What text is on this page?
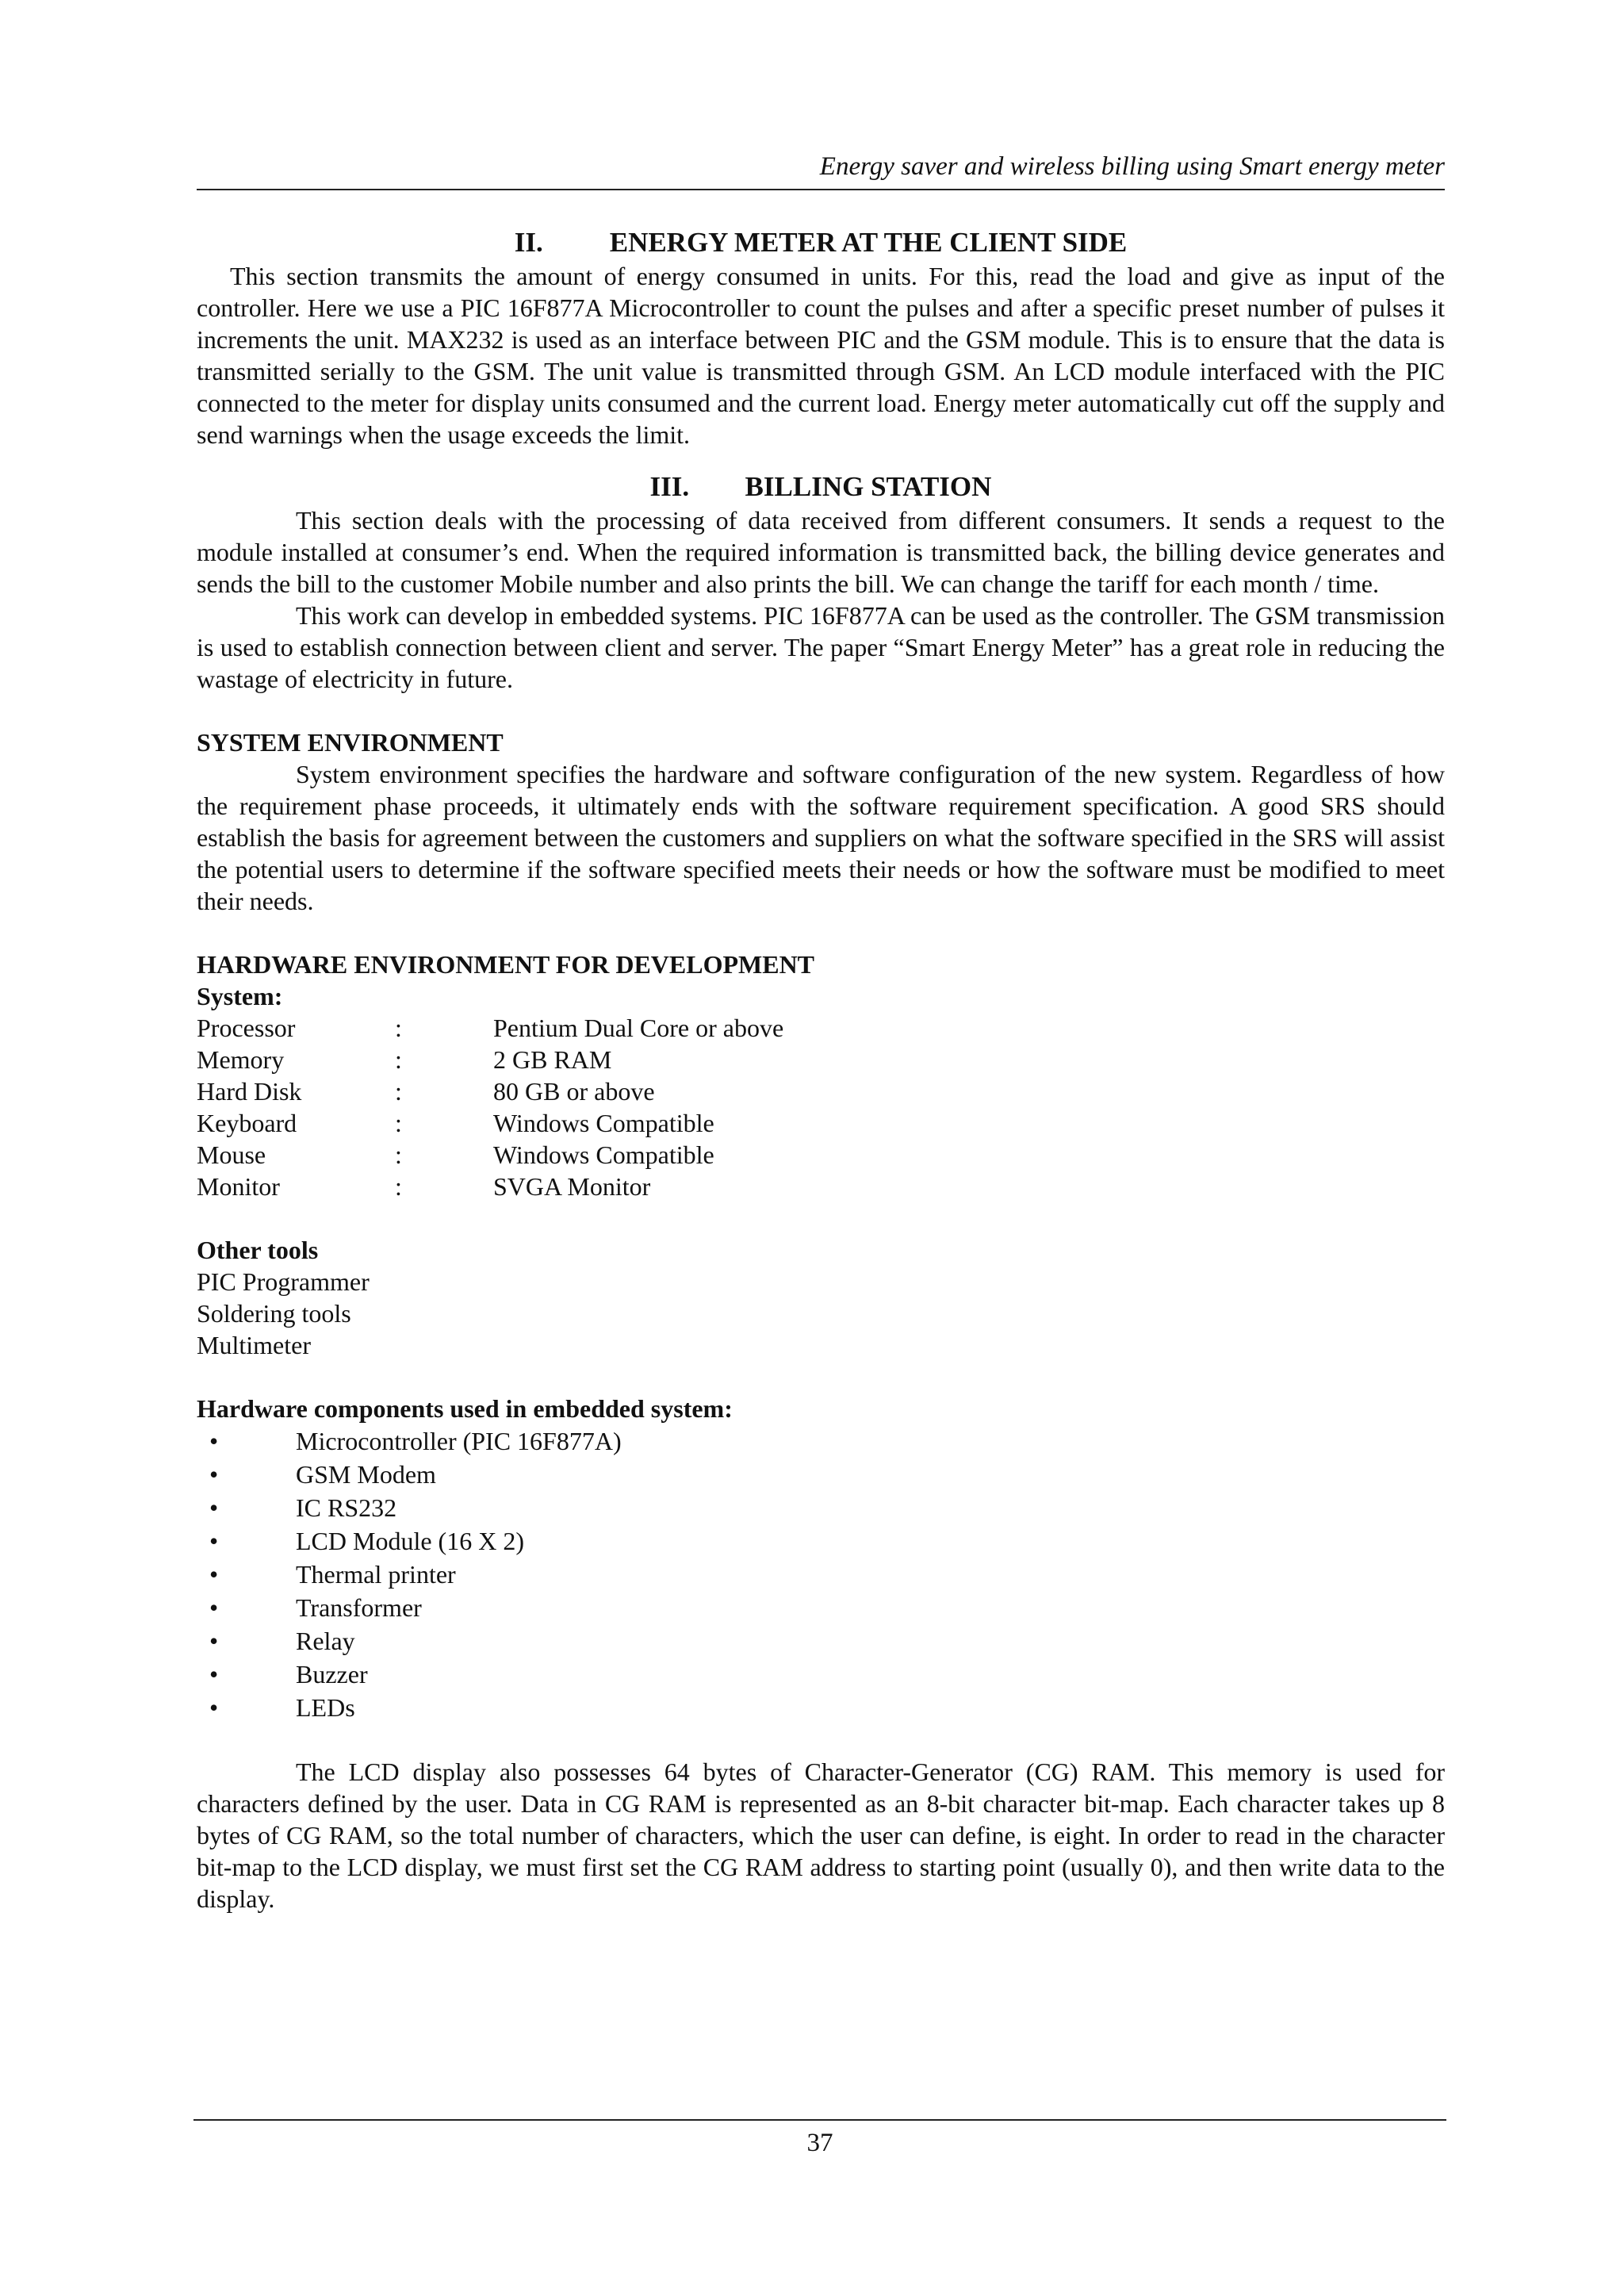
Energy saver and wireless billing using Smart energy meter
II.	ENERGY METER AT THE CLIENT SIDE

This section transmits the amount of energy consumed in units. For this, read the load and give as input of the controller. Here we use a PIC 16F877A Microcontroller to count the pulses and after a specific preset number of pulses it increments the unit. MAX232 is used as an interface between PIC and the GSM module. This is to ensure that the data is transmitted serially to the GSM. The unit value is transmitted through GSM. An LCD module interfaced with the PIC connected to the meter for display units consumed and the current load. Energy meter automatically cut off the supply and send warnings when the usage exceeds the limit.

III.	BILLING STATION

This section deals with the processing of data received from different consumers. It sends a request to the module installed at consumer’s end. When the required information is transmitted back, the billing device generates and sends the bill to the customer Mobile number and also prints the bill. We can change the tariff for each month / time.

This work can develop in embedded systems. PIC 16F877A can be used as the controller. The GSM transmission is used to establish connection between client and server. The paper “Smart Energy Meter” has a great role in reducing the wastage of electricity in future.

SYSTEM ENVIRONMENT

System environment specifies the hardware and software configuration of the new system. Regardless of how the requirement phase proceeds, it ultimately ends with the software requirement specification. A good SRS should establish the basis for agreement between the customers and suppliers on what the software specified in the SRS will assist the potential users to determine if the software specified meets their needs or how the software must be modified to meet their needs.

HARDWARE ENVIRONMENT FOR DEVELOPMENT

System:

Processor	:	Pentium Dual Core or above
Memory	:	2 GB RAM
Hard Disk	:	80 GB or above
Keyboard	:	Windows Compatible
Mouse	:	Windows Compatible
Monitor	:	SVGA Monitor

Other tools

PIC Programmer
Soldering tools
Multimeter

Hardware components used in embedded system:

•	Microcontroller (PIC 16F877A)
•	GSM Modem
•	IC RS232
•	LCD Module (16 X 2)
•	Thermal printer
•	Transformer
•	Relay
•	Buzzer
•	LEDs

The LCD display also possesses 64 bytes of Character-Generator (CG) RAM. This memory is used for characters defined by the user. Data in CG RAM is represented as an 8-bit character bit-map. Each character takes up 8 bytes of CG RAM, so the total number of characters, which the user can define, is eight. In order to read in the character bit-map to the LCD display, we must first set the CG RAM address to starting point (usually 0), and then write data to the display.

37
